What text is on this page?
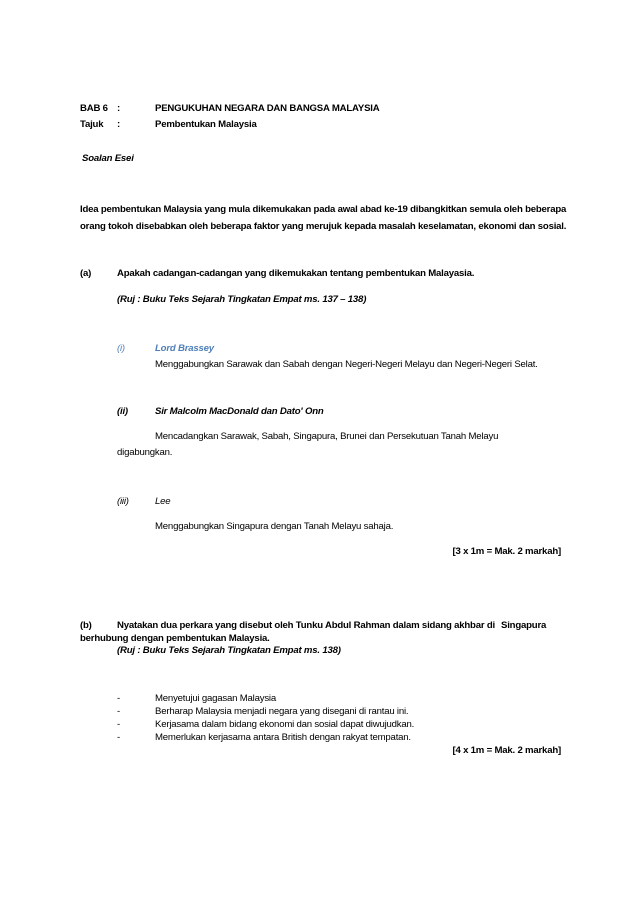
BAB 6 :	PENGUKUHAN NEGARA DAN BANGSA MALAYSIA
Tajuk :	Pembentukan Malaysia
Soalan Esei
Idea pembentukan Malaysia yang mula dikemukakan pada awal abad ke-19 dibangkitkan semula oleh beberapa
orang tokoh disebabkan oleh beberapa faktor yang merujuk kepada masalah keselamatan, ekonomi dan sosial.
(a)	Apakah cadangan-cadangan yang dikemukakan tentang pembentukan Malayasia.
(Ruj : Buku Teks Sejarah Tingkatan Empat ms. 137 – 138)
(i)	Lord Brassey
Menggabungkan Sarawak dan Sabah dengan Negeri-Negeri Melayu dan Negeri-Negeri Selat.
(ii)	Sir Malcolm MacDonald dan Dato' Onn
Mencadangkan Sarawak, Sabah, Singapura, Brunei dan Persekutuan Tanah Melayu
digabungkan.
(iii)	Lee
Menggabungkan Singapura dengan Tanah Melayu sahaja.
[3 x 1m = Mak. 2 markah]
(b)	Nyatakan dua perkara yang disebut oleh Tunku Abdul Rahman dalam sidang akhbar di Singapura
berhubung dengan pembentukan Malaysia.
(Ruj : Buku Teks Sejarah Tingkatan Empat ms. 138)
-	Menyetujui gagasan Malaysia
-	Berharap Malaysia menjadi negara yang disegani di rantau ini.
-	Kerjasama dalam bidang ekonomi dan sosial dapat diwujudkan.
-	Memerlukan kerjasama antara British dengan rakyat tempatan.
[4 x 1m = Mak. 2 markah]
